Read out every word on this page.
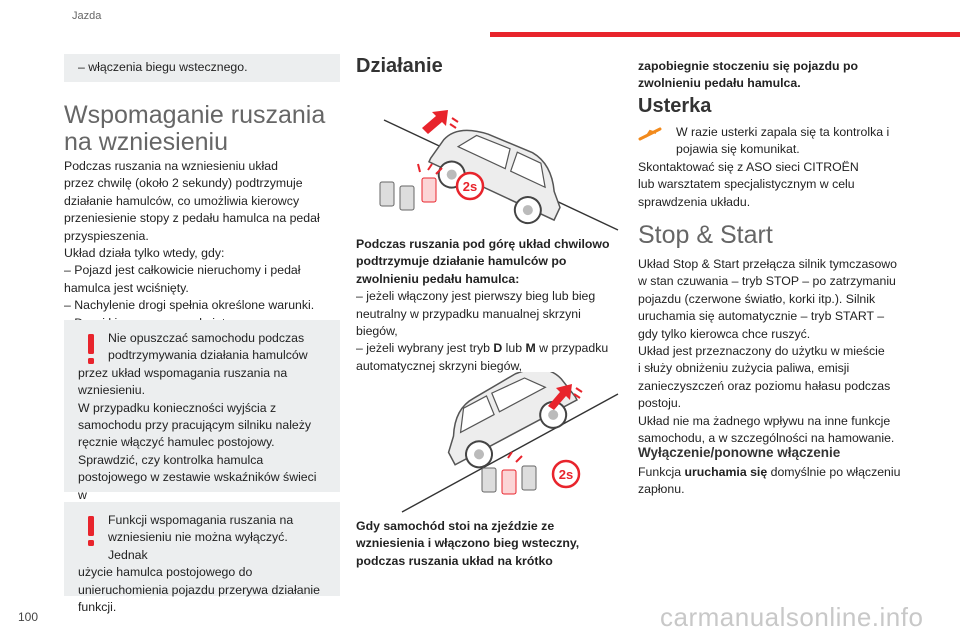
Jazda

– włączenia biegu wstecznego.

Wspomaganie ruszania
na wzniesieniu

Podczas ruszania na wzniesieniu układ

przez chwilę (około 2 sekundy) podtrzymuje

działanie hamulców, co umożliwia kierowcy

przeniesienie stopy z pedału hamulca na pedał

przyspieszenia.

Układ działa tylko wtedy, gdy:

– Pojazd jest całkowicie nieruchomy i pedał

hamulca jest wciśnięty.

– Nachylenie drogi spełnia określone warunki.

Nie opuszczać samochodu podczas

podtrzymywania działania hamulców

przez układ wspomagania ruszania na

wzniesieniu.

W przypadku konieczności wyjścia z

samochodu przy pracującym silniku należy

ręcznie włączyć hamulec postojowy.

Sprawdzić, czy kontrolka hamulca

postojowego w zestawie wskaźników świeci w

Funkcji wspomagania ruszania na

wzniesieniu nie można wyłączyć. Jednak

użycie hamulca postojowego do

unieruchomienia pojazdu przerywa działanie

funkcji.

Działanie
2s

Podczas ruszania pod górę układ chwilowo

podtrzymuje działanie hamulców po

zwolnieniu pedału hamulca:

– jeżeli włączony jest pierwszy bieg lub bieg

neutralny w przypadku manualnej skrzyni

biegów,

– jeżeli wybrany jest tryb D lub M w przypadku

automatycznej skrzyni biegów,

2s

Gdy samochód stoi na zjeździe ze

wzniesienia i włączono bieg wsteczny,

podczas ruszania układ na krótko

zapobiegnie stoczeniu się pojazdu po

zwolnieniu pedału hamulca.

Usterka

W razie usterki zapala się ta kontrolka i

pojawia się komunikat.

Skontaktować się z ASO sieci CITROËN

lub warsztatem specjalistycznym w celu

sprawdzenia układu.

Stop & Start

Układ Stop & Start przełącza silnik tymczasowo

w stan czuwania – tryb STOP – po zatrzymaniu

pojazdu (czerwone światło, korki itp.). Silnik

uruchamia się automatycznie – tryb START –

gdy tylko kierowca chce ruszyć.

Układ jest przeznaczony do użytku w mieście

i służy obniżeniu zużycia paliwa, emisji

zanieczyszczeń oraz poziomu hałasu podczas

postoju.

Układ nie ma żadnego wpływu na inne funkcje

samochodu, a w szczególności na hamowanie.

Wyłączenie/ponowne włączenie

Funkcja uruchamia się domyślnie po włączeniu

zapłonu.

100	carmanualsonline.info
